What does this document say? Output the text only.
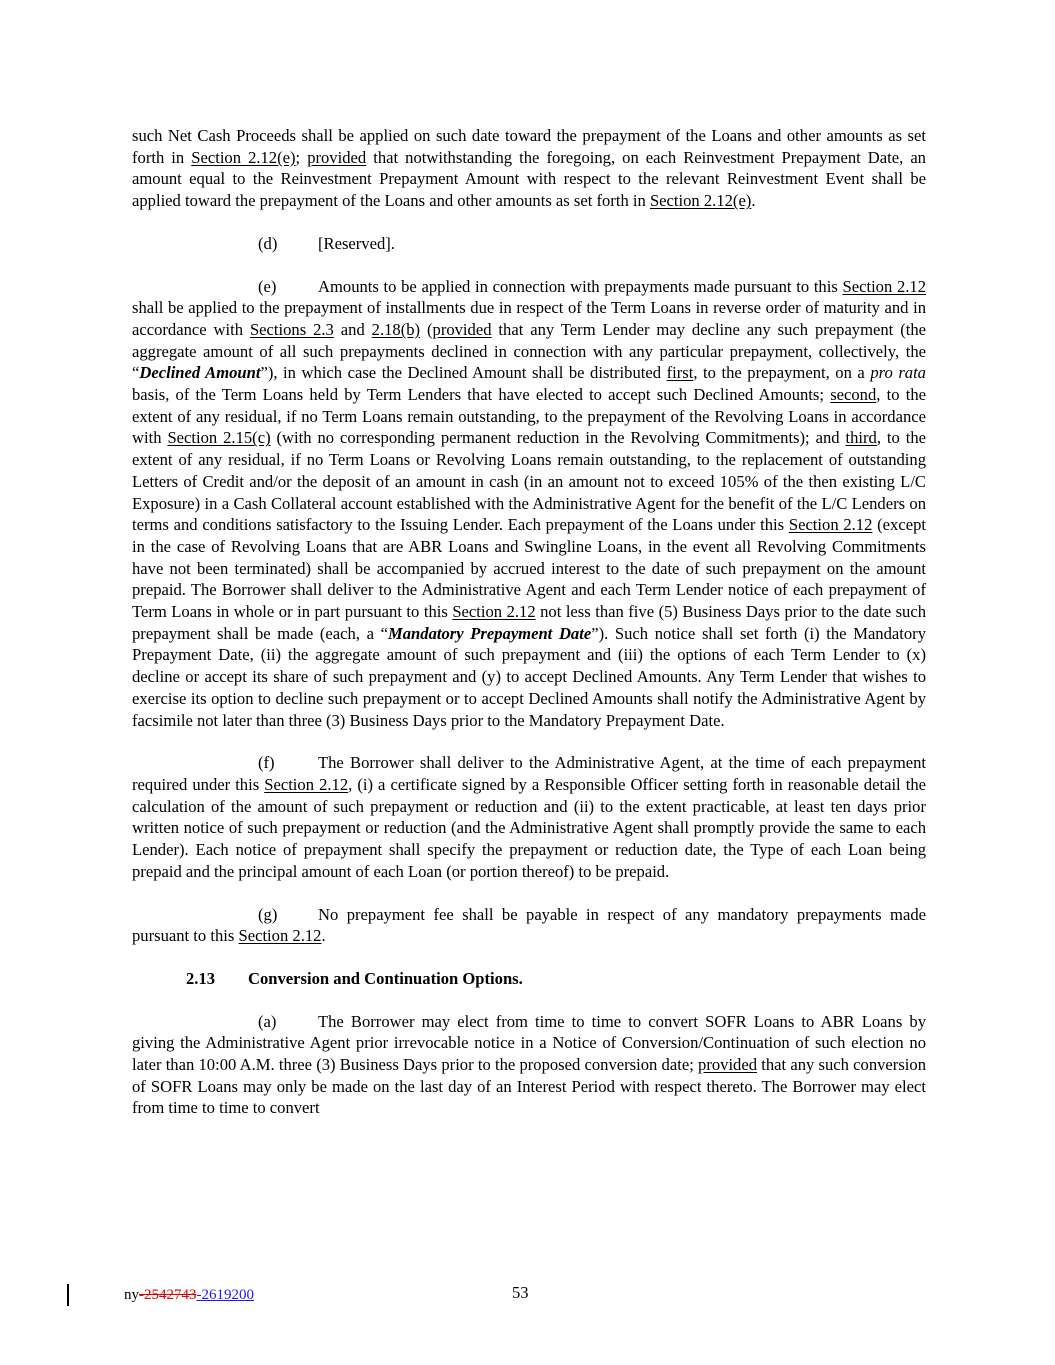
such Net Cash Proceeds shall be applied on such date toward the prepayment of the Loans and other amounts as set forth in Section 2.12(e); provided that notwithstanding the foregoing, on each Reinvestment Prepayment Date, an amount equal to the Reinvestment Prepayment Amount with respect to the relevant Reinvestment Event shall be applied toward the prepayment of the Loans and other amounts as set forth in Section 2.12(e).

(d) [Reserved].

(e)	Amounts to be applied in connection with prepayments made pursuant to this Section 2.12 shall be applied to the prepayment of installments due in respect of the Term Loans in reverse order of maturity and in accordance with Sections 2.3 and 2.18(b) (provided that any Term Lender may decline any such prepayment (the aggregate amount of all such prepayments declined in connection with any particular prepayment, collectively, the “Declined Amount”), in which case the Declined Amount shall be distributed first, to the prepayment, on a pro rata basis, of the Term Loans held by Term Lenders that have elected to accept such Declined Amounts; second, to the extent of any residual, if no Term Loans remain outstanding, to the prepayment of the Revolving Loans in accordance with Section 2.15(c) (with no corresponding permanent reduction in the Revolving Commitments); and third, to the extent of any residual, if no Term Loans or Revolving Loans remain outstanding, to the replacement of outstanding Letters of Credit and/or the deposit of an amount in cash (in an amount not to exceed 105% of the then existing L/C Exposure) in a Cash Collateral account established with the Administrative Agent for the benefit of the L/C Lenders on terms and conditions satisfactory to the Issuing Lender. Each prepayment of the Loans under this Section 2.12 (except in the case of Revolving Loans that are ABR Loans and Swingline Loans, in the event all Revolving Commitments have not been terminated) shall be accompanied by accrued interest to the date of such prepayment on the amount prepaid. The Borrower shall deliver to the Administrative Agent and each Term Lender notice of each prepayment of Term Loans in whole or in part pursuant to this Section 2.12 not less than five (5) Business Days prior to the date such prepayment shall be made (each, a “Mandatory Prepayment Date”). Such notice shall set forth (i) the Mandatory Prepayment Date, (ii) the aggregate amount of such prepayment and (iii) the options of each Term Lender to (x) decline or accept its share of such prepayment and (y) to accept Declined Amounts. Any Term Lender that wishes to exercise its option to decline such prepayment or to accept Declined Amounts shall notify the Administrative Agent by facsimile not later than three (3) Business Days prior to the Mandatory Prepayment Date.

(f)	The Borrower shall deliver to the Administrative Agent, at the time of each prepayment required under this Section 2.12, (i) a certificate signed by a Responsible Officer setting forth in reasonable detail the calculation of the amount of such prepayment or reduction and (ii) to the extent practicable, at least ten days prior written notice of such prepayment or reduction (and the Administrative Agent shall promptly provide the same to each Lender). Each notice of prepayment shall specify the prepayment or reduction date, the Type of each Loan being prepaid and the principal amount of each Loan (or portion thereof) to be prepaid.

(g) No prepayment fee shall be payable in respect of any mandatory prepayments made pursuant to this Section 2.12.

2.13 Conversion and Continuation Options.

(a)	The Borrower may elect from time to time to convert SOFR Loans to ABR Loans by giving the Administrative Agent prior irrevocable notice in a Notice of Conversion/Continuation of such election no later than 10:00 A.M. three (3) Business Days prior to the proposed conversion date; provided that any such conversion of SOFR Loans may only be made on the last day of an Interest Period with respect thereto. The Borrower may elect from time to time to convert

ny-2542743-2619200	53
